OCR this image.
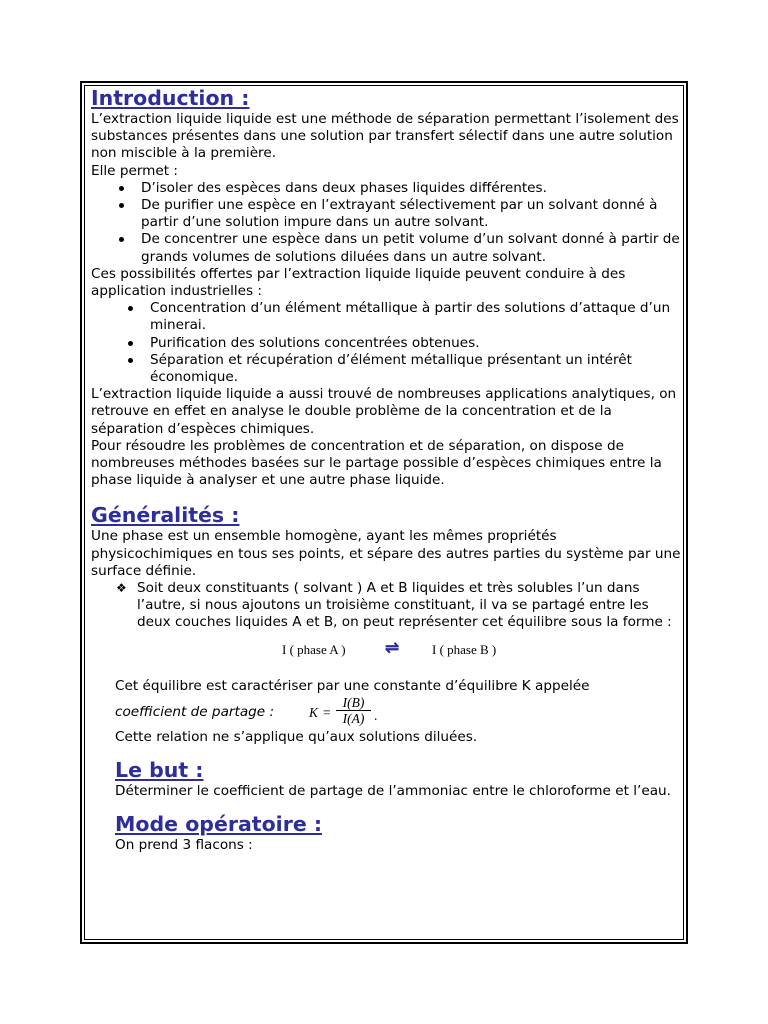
Introduction :

L’extraction liquide liquide est une méthode de séparation permettant l’isolement des substances présentes dans une solution par transfert sélectif dans une autre solution non miscible à la première.

Elle permet :

D’isoler des espèces dans deux phases liquides différentes.
De purifier une espèce en l’extrayant sélectivement par un solvant donné à partir d’une solution impure dans un autre solvant.
De concentrer une espèce dans un petit volume d’un solvant donné à partir de grands volumes de solutions diluées dans un autre solvant.

Ces possibilités offertes par l’extraction liquide liquide peuvent conduire à des application industrielles :

Concentration d’un élément métallique à partir des solutions d’attaque d’un minerai.
Purification des solutions concentrées obtenues.
Séparation et récupération d’élément métallique présentant un intérêt économique.

L’extraction liquide liquide a aussi trouvé de nombreuses applications analytiques, on retrouve en effet en analyse le double problème de la concentration et de la séparation d’espèces chimiques.

Pour résoudre les problèmes de concentration et de séparation, on dispose de nombreuses méthodes basées sur le partage possible d’espèces chimiques entre la phase liquide à analyser et une autre phase liquide.

Généralités :

Une phase est un ensemble homogène, ayant les mêmes propriétés physicochimiques en tous ses points, et sépare des autres parties du système par une surface définie.

❖ Soit deux constituants ( solvant ) A et B liquides et très solubles l’un dans l’autre, si nous ajoutons un troisième constituant, il va se partagé entre les deux couches liquides A et B, on peut représenter cet équilibre sous la forme :
I ( phase A ) ⇌	I ( phase B )

Cet équilibre est caractériser par une constante d’équilibre K appelée

coefficient de partage :	K =
I(B)
I(A) .

Cette relation ne s’applique qu’aux solutions diluées.

Le but :

Déterminer le coefficient de partage de l’ammoniac entre le chloroforme et l’eau.

Mode opératoire :

On prend 3 flacons :
